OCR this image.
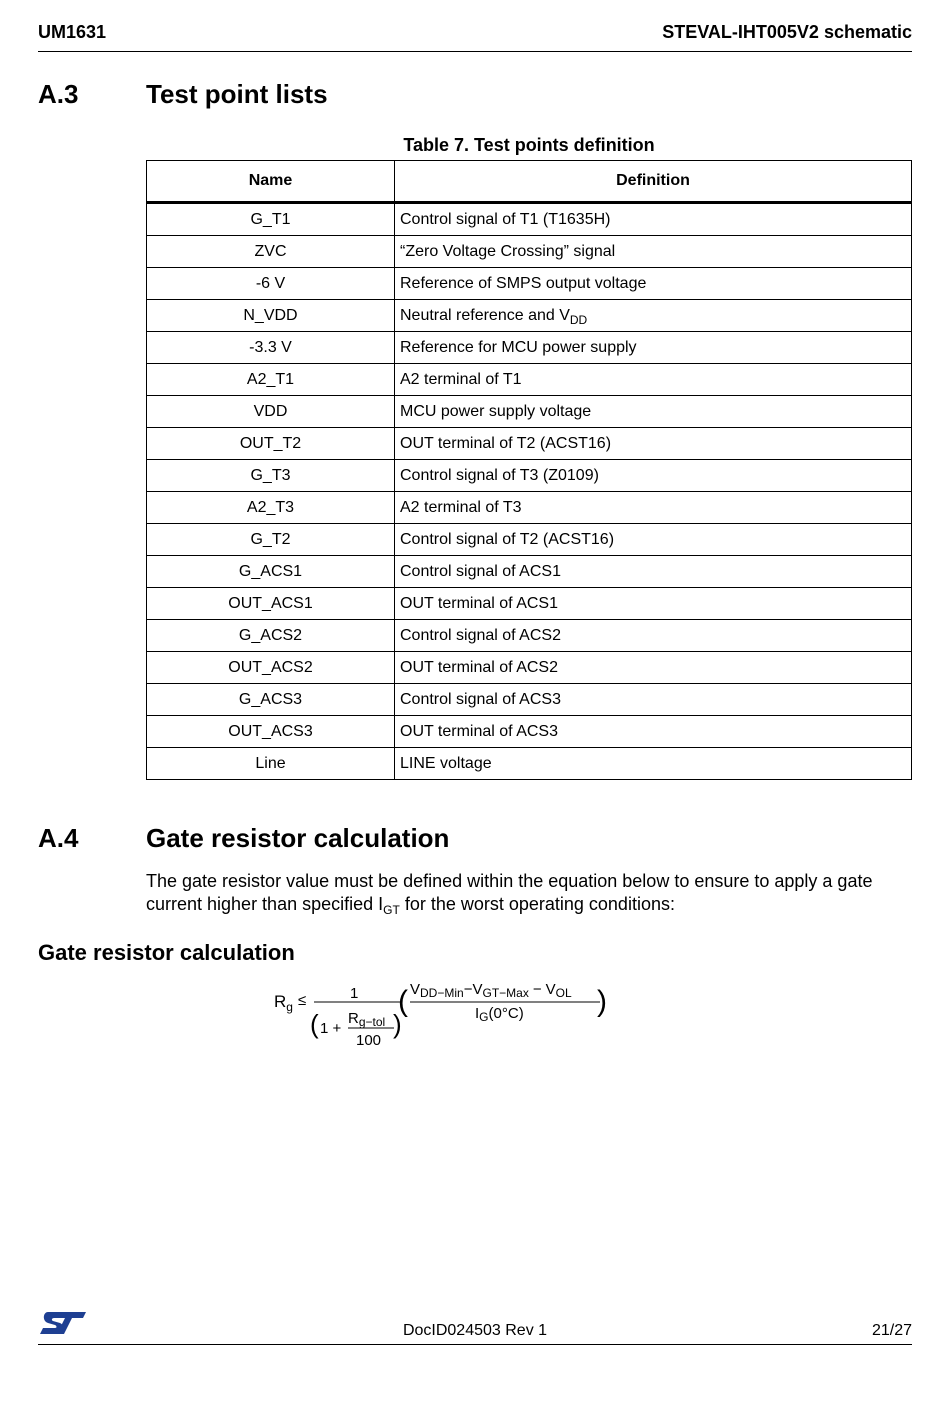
UM1631	STEVAL-IHT005V2 schematic
A.3	Test point lists
Table 7. Test points definition
Name	Definition
G_T1	Control signal of T1 (T1635H)
ZVC	“Zero Voltage Crossing” signal
-6 V	Reference of SMPS output voltage
N_VDD	Neutral reference and $V_{DD}$
-3.3 V	Reference for MCU power supply
A2_T1	A2 terminal of T1
VDD	MCU power supply voltage
OUT_T2	OUT terminal of T2 (ACST16)
G_T3	Control signal of T3 (Z0109)
A2_T3	A2 terminal of T3
G_T2	Control signal of T2 (ACST16)
G_ACS1	Control signal of ACS1
OUT_ACS1	OUT terminal of ACS1
G_ACS2	Control signal of ACS2
OUT_ACS2	OUT terminal of ACS2
G_ACS3	Control signal of ACS3
OUT_ACS3	OUT terminal of ACS3
Line	LINE voltage
A.4	Gate resistor calculation
The gate resistor value must be defined within the equation below to ensure to apply a gate current higher than specified $I_{GT}$ for the worst operating conditions:
Gate resistor calculation
$R_g$ ≤	1
( 1 +
$R_{g-tol}$
100
)
( $V_{DD-Min}-V_{GT-Max} - V_{OL}$
$I_G(0^\circ C)$ )
DocID024503 Rev 1	21/27
